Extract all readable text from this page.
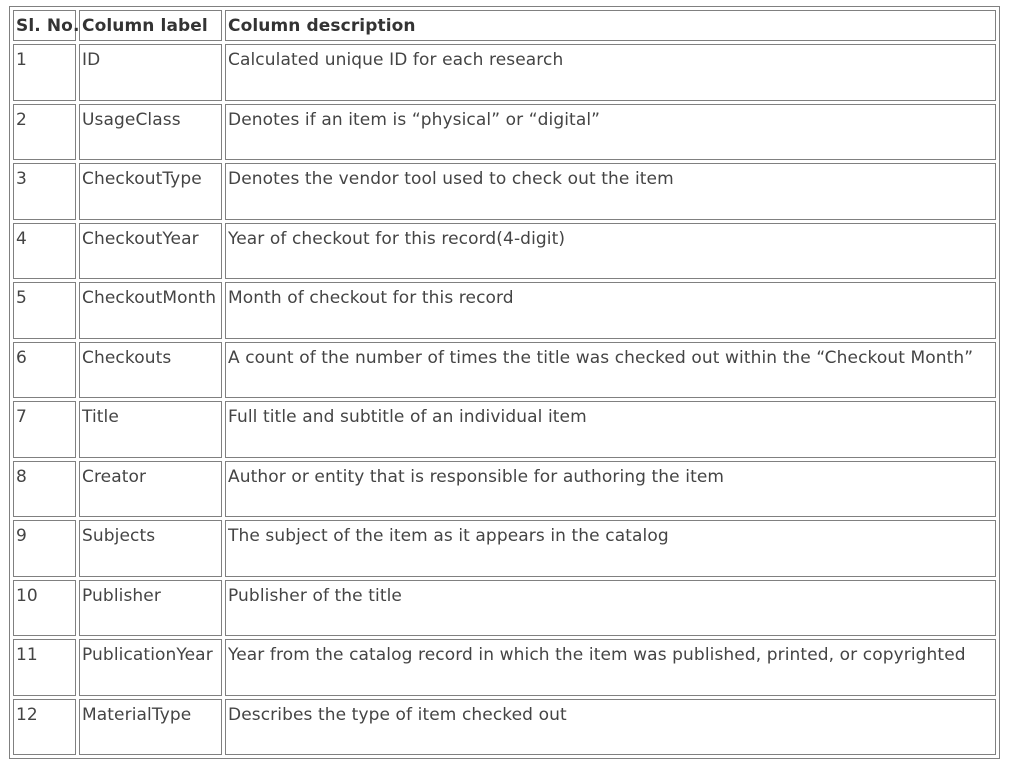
Sl. No.	Column label	Column description
1	ID	Calculated unique ID for each research
2	UsageClass	Denotes if an item is “physical” or “digital”
3	CheckoutType	Denotes the vendor tool used to check out the item
4	CheckoutYear	Year of checkout for this record(4-digit)
5	CheckoutMonth	Month of checkout for this record
6	Checkouts	A count of the number of times the title was checked out within the “Checkout Month”
7	Title	Full title and subtitle of an individual item
8	Creator	Author or entity that is responsible for authoring the item
9	Subjects	The subject of the item as it appears in the catalog
10	Publisher	Publisher of the title
11	PublicationYear	Year from the catalog record in which the item was published, printed, or copyrighted
12	MaterialType	Describes the type of item checked out
